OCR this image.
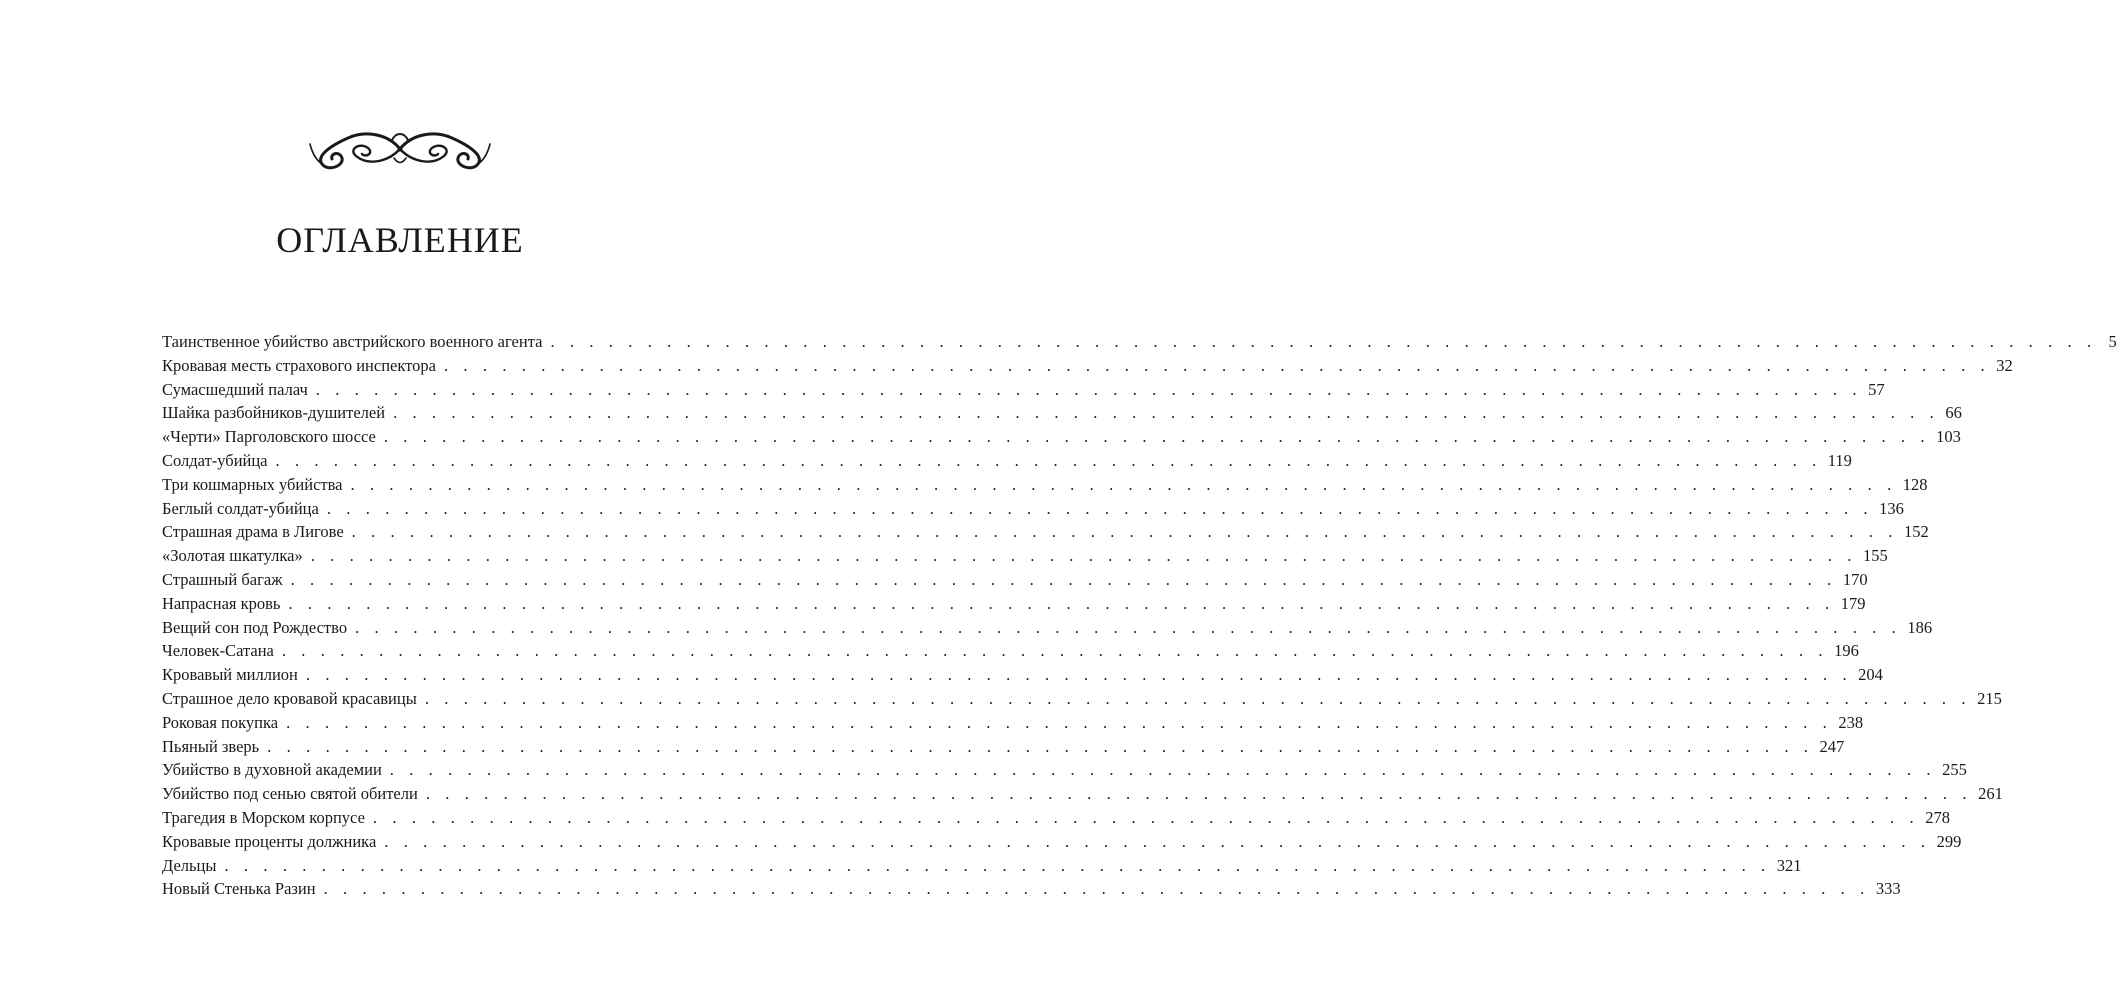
ОГЛАВЛЕНИЕ
Таинственное убийство австрийского военного агента . . . . . . . . . . . . . . . . . . . . . . . . . . . . . . . . . . . . . . . . . . . . . . . . . . . . . . . . . . . . . . . . . . . . . . . . . . . . . . . . 5
Кровавая месть страхового инспектора . . . . . . . . . . . . . . . . . . . . . . . . . . . . . . . . . . . . . . . . . . . . . . . . . . . . . . . . . . . . . . . . . . . . . . . . . . . . . . . . 32
Сумасшедший палач . . . . . . . . . . . . . . . . . . . . . . . . . . . . . . . . . . . . . . . . . . . . . . . . . . . . . . . . . . . . . . . . . . . . . . . . . . . . . . . . 57
Шайка разбойников-душителей . . . . . . . . . . . . . . . . . . . . . . . . . . . . . . . . . . . . . . . . . . . . . . . . . . . . . . . . . . . . . . . . . . . . . . . . . . . . . . . . 66
«Черти» Парголовского шоссе . . . . . . . . . . . . . . . . . . . . . . . . . . . . . . . . . . . . . . . . . . . . . . . . . . . . . . . . . . . . . . . . . . . . . . . . . . . . . . . . 103
Солдат-убийца . . . . . . . . . . . . . . . . . . . . . . . . . . . . . . . . . . . . . . . . . . . . . . . . . . . . . . . . . . . . . . . . . . . . . . . . . . . . . . . . 119
Три кошмарных убийства . . . . . . . . . . . . . . . . . . . . . . . . . . . . . . . . . . . . . . . . . . . . . . . . . . . . . . . . . . . . . . . . . . . . . . . . . . . . . . . . 128
Беглый солдат-убийца . . . . . . . . . . . . . . . . . . . . . . . . . . . . . . . . . . . . . . . . . . . . . . . . . . . . . . . . . . . . . . . . . . . . . . . . . . . . . . . . 136
Страшная драма в Лигове . . . . . . . . . . . . . . . . . . . . . . . . . . . . . . . . . . . . . . . . . . . . . . . . . . . . . . . . . . . . . . . . . . . . . . . . . . . . . . . . 152
«Золотая шкатулка» . . . . . . . . . . . . . . . . . . . . . . . . . . . . . . . . . . . . . . . . . . . . . . . . . . . . . . . . . . . . . . . . . . . . . . . . . . . . . . . . 155
Страшный багаж . . . . . . . . . . . . . . . . . . . . . . . . . . . . . . . . . . . . . . . . . . . . . . . . . . . . . . . . . . . . . . . . . . . . . . . . . . . . . . . . 170
Напрасная кровь . . . . . . . . . . . . . . . . . . . . . . . . . . . . . . . . . . . . . . . . . . . . . . . . . . . . . . . . . . . . . . . . . . . . . . . . . . . . . . . . 179
Вещий сон под Рождество . . . . . . . . . . . . . . . . . . . . . . . . . . . . . . . . . . . . . . . . . . . . . . . . . . . . . . . . . . . . . . . . . . . . . . . . . . . . . . . . 186
Человек-Сатана . . . . . . . . . . . . . . . . . . . . . . . . . . . . . . . . . . . . . . . . . . . . . . . . . . . . . . . . . . . . . . . . . . . . . . . . . . . . . . . . 196
Кровавый миллион . . . . . . . . . . . . . . . . . . . . . . . . . . . . . . . . . . . . . . . . . . . . . . . . . . . . . . . . . . . . . . . . . . . . . . . . . . . . . . . . 204
Страшное дело кровавой красавицы . . . . . . . . . . . . . . . . . . . . . . . . . . . . . . . . . . . . . . . . . . . . . . . . . . . . . . . . . . . . . . . . . . . . . . . . . . . . . . . . 215
Роковая покупка . . . . . . . . . . . . . . . . . . . . . . . . . . . . . . . . . . . . . . . . . . . . . . . . . . . . . . . . . . . . . . . . . . . . . . . . . . . . . . . . 238
Пьяный зверь . . . . . . . . . . . . . . . . . . . . . . . . . . . . . . . . . . . . . . . . . . . . . . . . . . . . . . . . . . . . . . . . . . . . . . . . . . . . . . . . 247
Убийство в духовной академии . . . . . . . . . . . . . . . . . . . . . . . . . . . . . . . . . . . . . . . . . . . . . . . . . . . . . . . . . . . . . . . . . . . . . . . . . . . . . . . . 255
Убийство под сенью святой обители . . . . . . . . . . . . . . . . . . . . . . . . . . . . . . . . . . . . . . . . . . . . . . . . . . . . . . . . . . . . . . . . . . . . . . . . . . . . . . . . 261
Трагедия в Морском корпусе . . . . . . . . . . . . . . . . . . . . . . . . . . . . . . . . . . . . . . . . . . . . . . . . . . . . . . . . . . . . . . . . . . . . . . . . . . . . . . . . 278
Кровавые проценты должника . . . . . . . . . . . . . . . . . . . . . . . . . . . . . . . . . . . . . . . . . . . . . . . . . . . . . . . . . . . . . . . . . . . . . . . . . . . . . . . . 299
Дельцы . . . . . . . . . . . . . . . . . . . . . . . . . . . . . . . . . . . . . . . . . . . . . . . . . . . . . . . . . . . . . . . . . . . . . . . . . . . . . . . . 321
Новый Стенька Разин . . . . . . . . . . . . . . . . . . . . . . . . . . . . . . . . . . . . . . . . . . . . . . . . . . . . . . . . . . . . . . . . . . . . . . . . . . . . . . . . 333
